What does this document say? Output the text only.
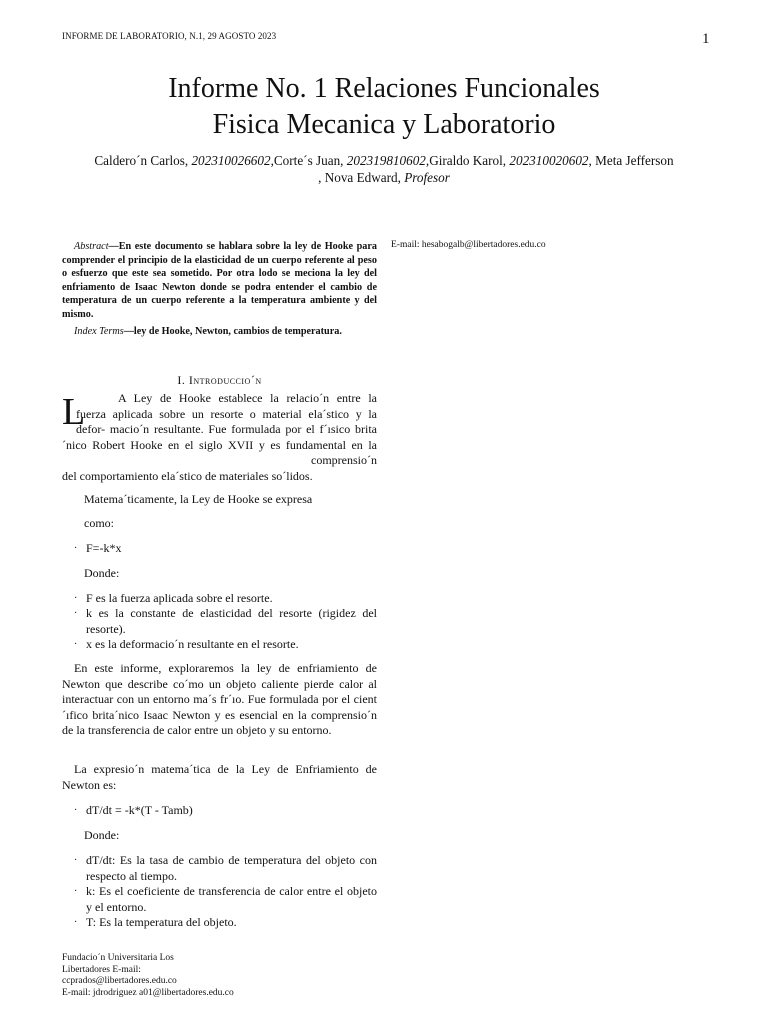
INFORME DE LABORATORIO, N.1, 29 AGOSTO 2023	1
Informe No. 1 Relaciones Funcionales
Fisica Mecanica y Laboratorio
Caldero´n Carlos, 202310026602,Corte´s Juan, 202319810602,Giraldo Karol, 202310020602, Meta Jefferson
, Nova Edward, Profesor

Abstract—En este documento se hablara sobre la ley de Hooke para comprender el principio de la elasticidad de un cuerpo referente al peso o esfuerzo que este sea sometido. Por otra lodo se meciona la ley del enfriamento de Isaac Newton donde se podra entender el cambio de temperatura de un cuerpo referente a la temperatura ambiente y del mismo.

Index Terms—ley de Hooke, Newton, cambios de temperatura.

E-mail: hesabogalb@libertadores.edu.co
I. Introduccio´n
L	A Ley de Hooke establece la relacio´n entre la
fuerza aplicada sobre un resorte o material ela´stico y la
defor- macio´n resultante. Fue formulada por el f´ısico brita
´nico Robert Hooke en el siglo XVII y es fundamental en la
comprensio´n
del comportamiento ela´stico de materiales so´lidos.
Matema´ticamente, la Ley de Hooke se expresa
como:
· F=-k*x
Donde:
· F es la fuerza aplicada sobre el resorte.
· k es la constante de elasticidad del resorte (rigidez del resorte).
· x es la deformacio´n resultante en el resorte.

En este informe, exploraremos la ley de enfriamiento de Newton que describe co´mo un objeto caliente pierde calor al interactuar con un entorno ma´s fr´ıo. Fue formulada por el cient´ıfico brita´nico Isaac Newton y es esencial en la comprensio´n de la transferencia de calor entre un objeto y su entorno.

La expresio´n matema´tica de la Ley de Enfriamiento de Newton es:

· dT/dt = -k*(T - Tamb)
Donde:
· dT/dt: Es la tasa de cambio de temperatura del objeto con respecto al tiempo.
· k: Es el coeficiente de transferencia de calor entre el objeto y el entorno.
· T: Es la temperatura del objeto.
Fundacio´n Universitaria Los
Libertadores E-mail:
ccprados@libertadores.edu.co
E-mail: jdrodriguez a01@libertadores.edu.co
